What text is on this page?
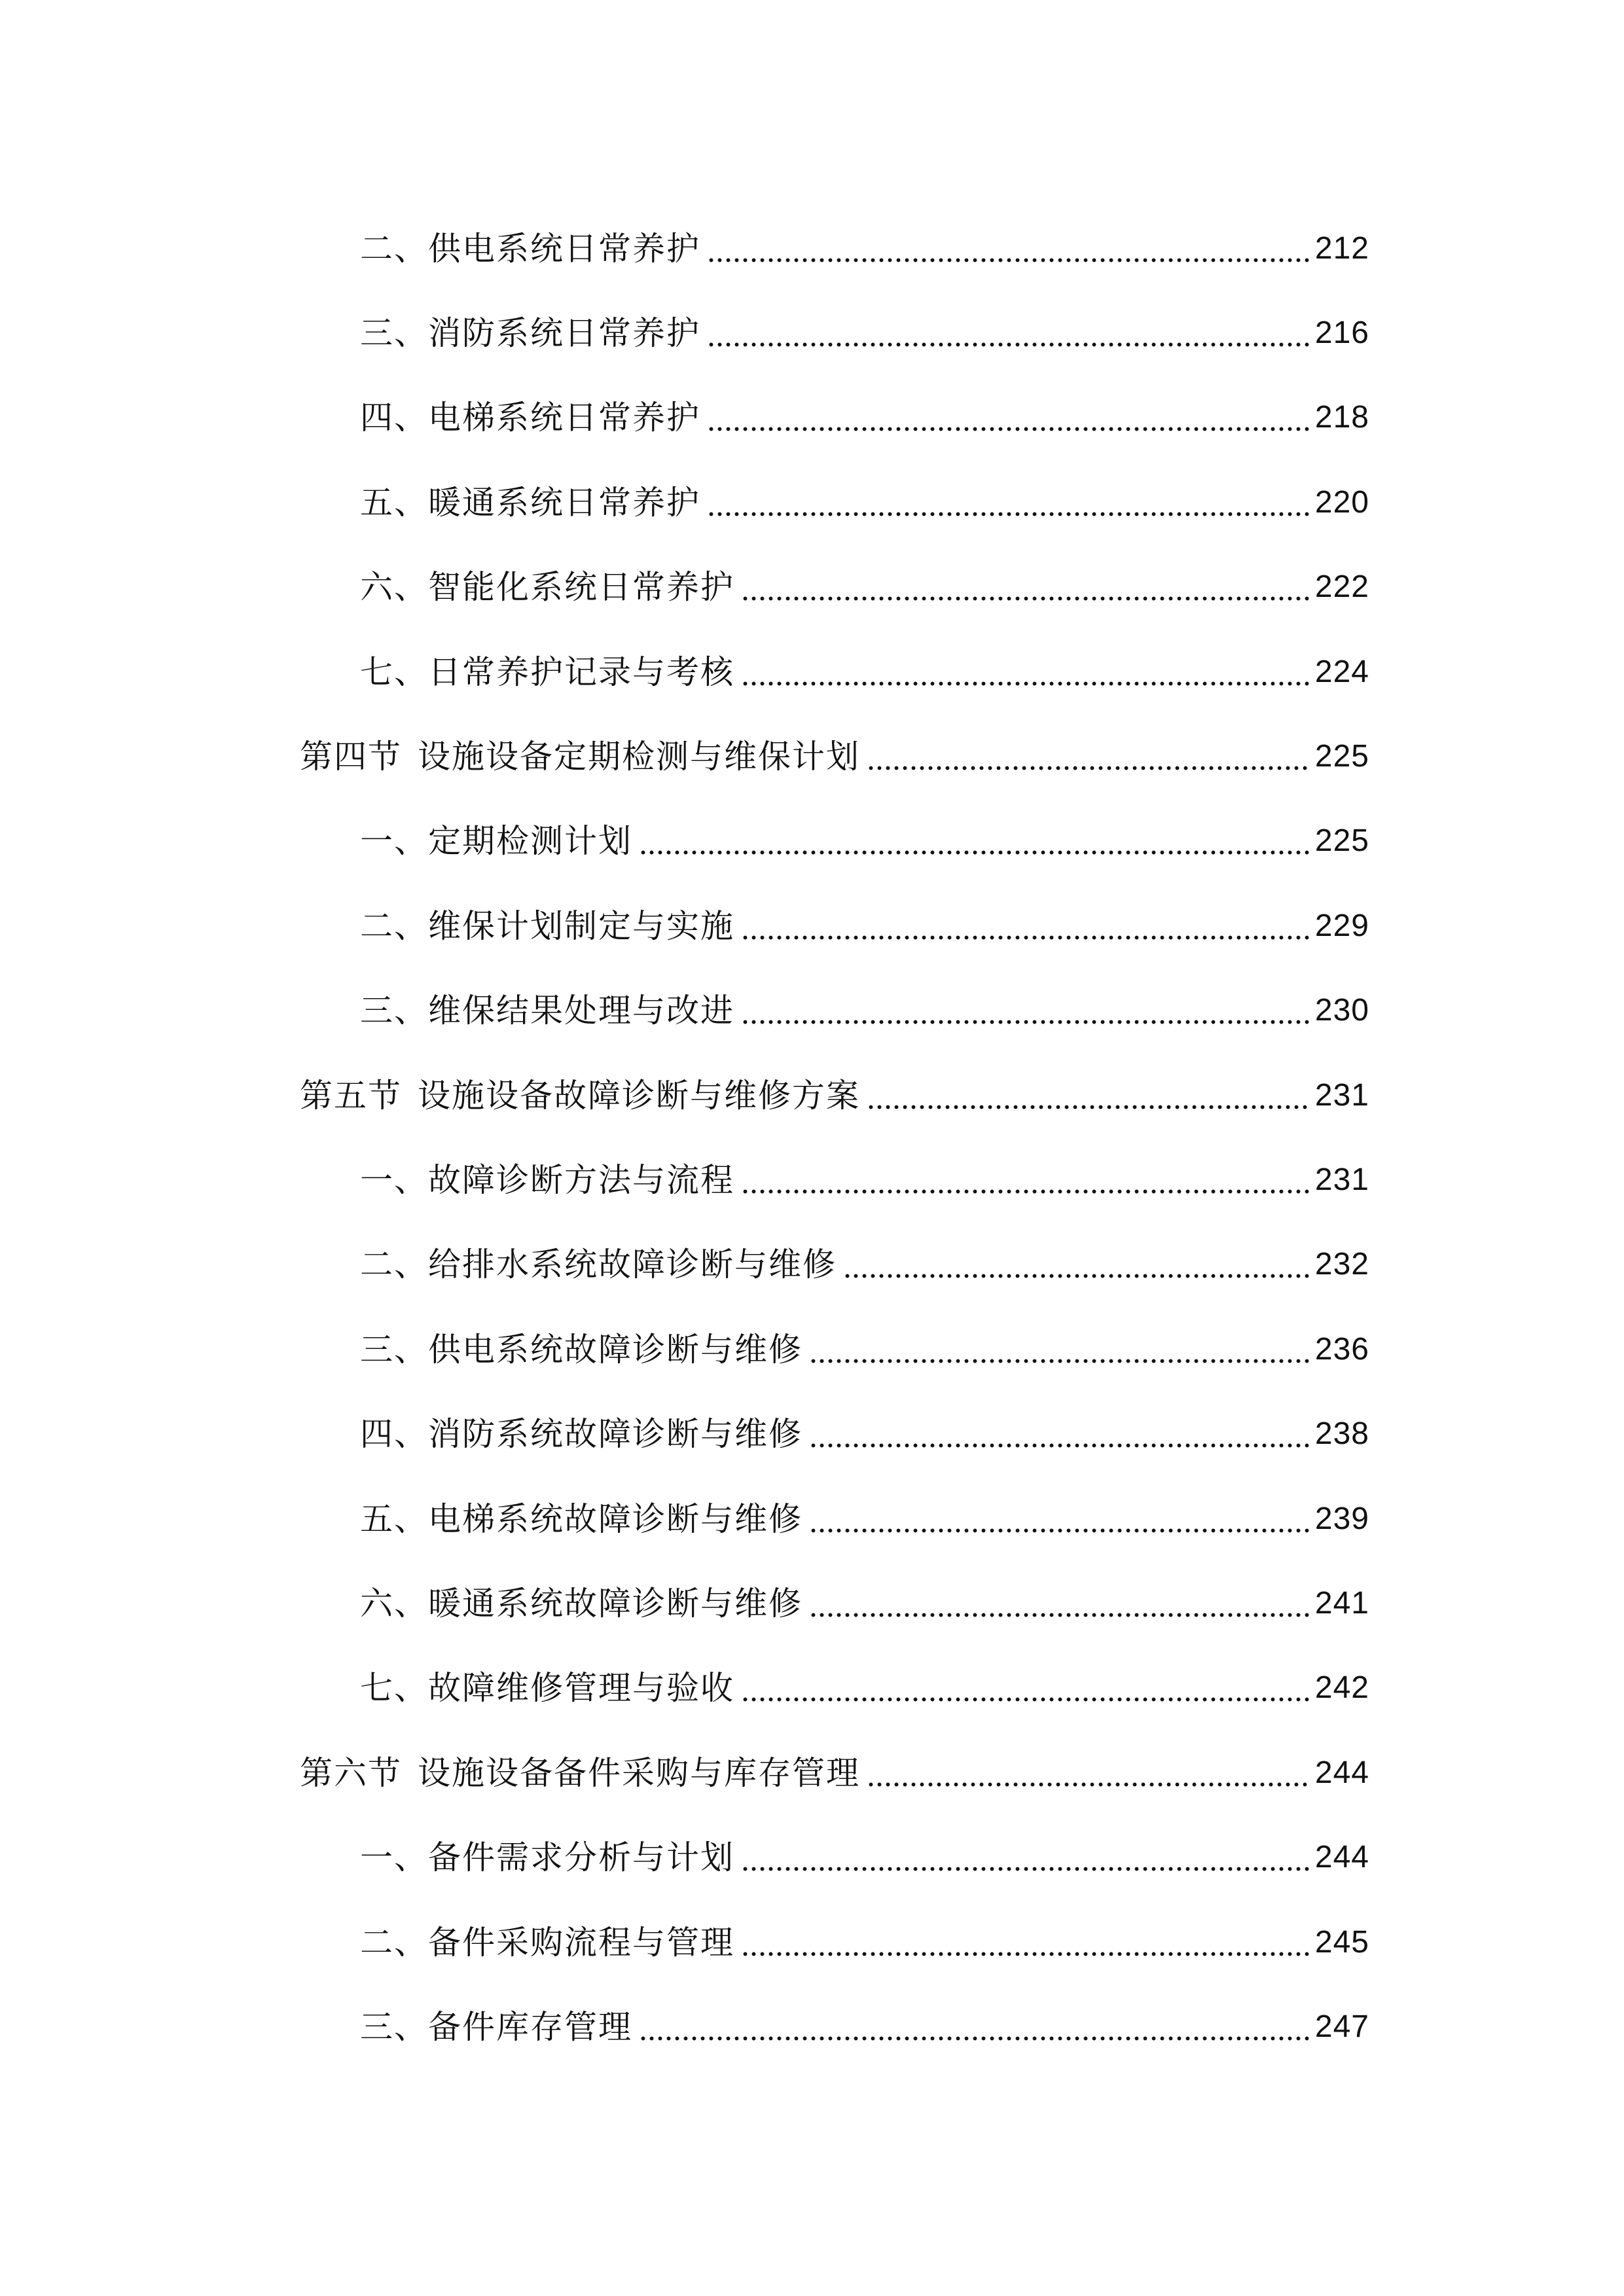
二、供电系统日常养护	212
三、消防系统日常养护	216
四、电梯系统日常养护	218
五、暖通系统日常养护	220
六、智能化系统日常养护	222
七、日常养护记录与考核	224
第四节 设施设备定期检测与维保计划	225
一、定期检测计划	225
二、维保计划制定与实施	229
三、维保结果处理与改进	230
第五节 设施设备故障诊断与维修方案	231
一、故障诊断方法与流程	231
二、给排水系统故障诊断与维修	232
三、供电系统故障诊断与维修	236
四、消防系统故障诊断与维修	238
五、电梯系统故障诊断与维修	239
六、暖通系统故障诊断与维修	241
七、故障维修管理与验收	242
第六节 设施设备备件采购与库存管理	244
一、备件需求分析与计划	244
二、备件采购流程与管理	245
三、备件库存管理	247
